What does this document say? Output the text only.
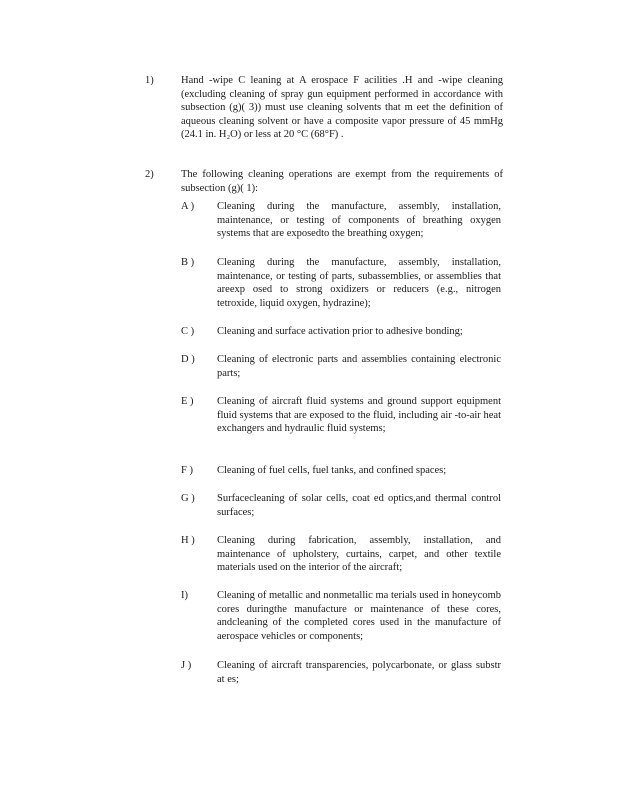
1)	Hand -wipe C leaning at A erospace F acilities .H and -wipe cleaning (excluding cleaning of spray gun equipment performed in accordance with subsection (g)( 3)) must use cleaning solvents that m eet the definition of aqueous cleaning solvent or have a composite vapor pressure of 45 mmHg (24.1 in. H₂O) or less at 20 °C (68°F) .
2)	The following cleaning operations are exempt from the requirements of subsection (g)( 1):
A ) Cleaning during the manufacture, assembly, installation, maintenance, or testing of components of breathing oxygen systems that are exposedto the breathing oxygen;
B ) Cleaning during the manufacture, assembly, installation, maintenance, or testing of parts, subassemblies, or assemblies that areexp osed to strong oxidizers or reducers (e.g., nitrogen tetroxide, liquid oxygen, hydrazine);
C ) Cleaning and surface activation prior to adhesive bonding;
D ) Cleaning of electronic parts and assemblies containing electronic parts;
E ) Cleaning of aircraft fluid systems and ground support equipment fluid systems that are exposed to the fluid, including air -to-air heat exchangers and hydraulic fluid systems;
F ) Cleaning of fuel cells, fuel tanks, and confined spaces;
G ) Surfacecleaning of solar cells, coat ed optics,and thermal control surfaces;
H ) Cleaning during fabrication, assembly, installation, and maintenance of upholstery, curtains, carpet, and other textile materials used on the interior of the aircraft;
I)	Cleaning of metallic and nonmetallic ma terials used in honeycomb cores duringthe manufacture or maintenance of these cores, andcleaning of the completed cores used in the manufacture of aerospace vehicles or components;
J ) Cleaning of aircraft transparencies, polycarbonate, or glass substr at es;
